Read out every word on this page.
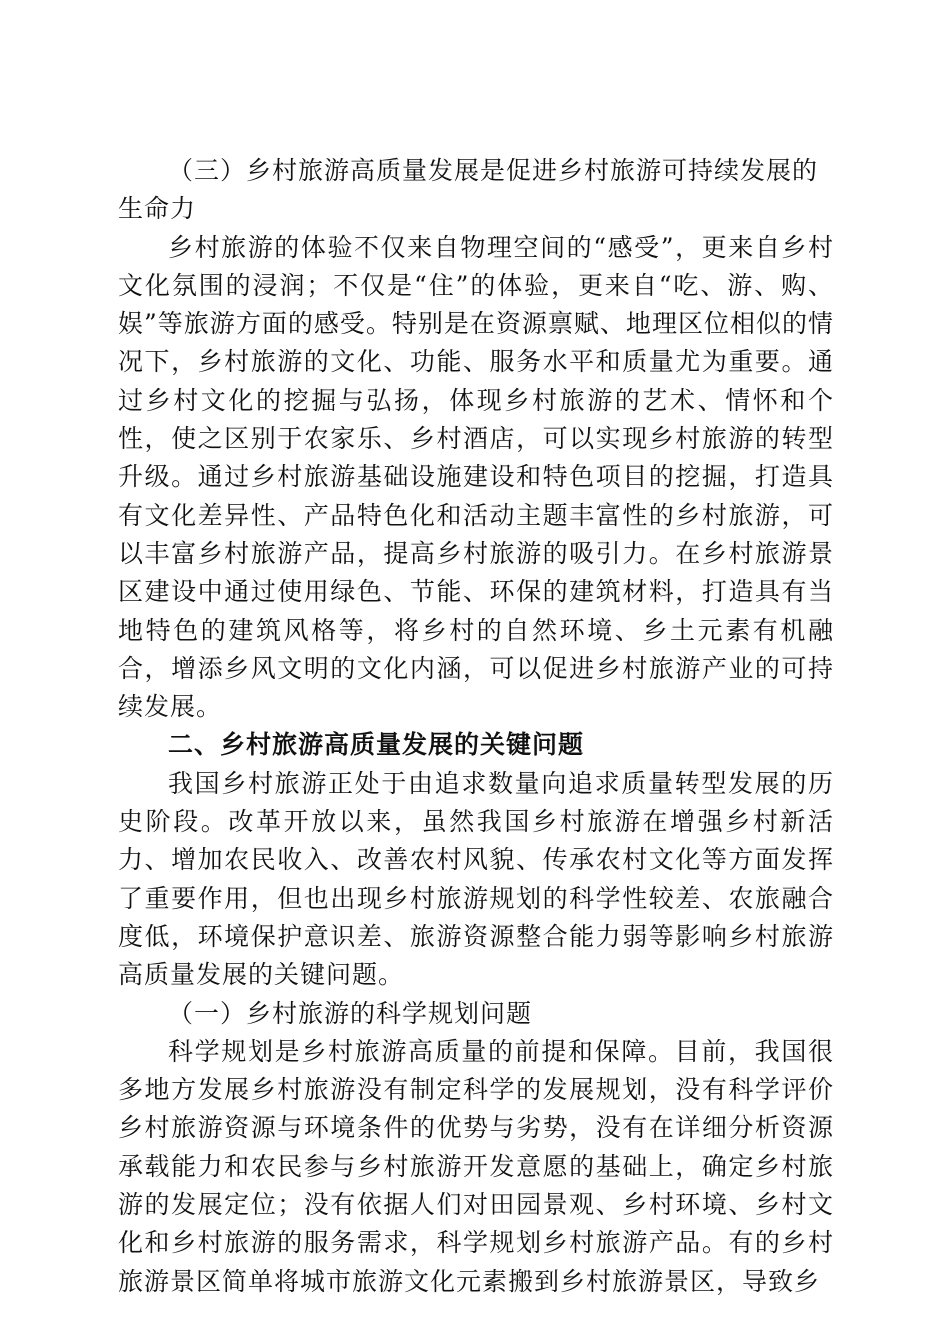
（三）乡村旅游高质量发展是促进乡村旅游可持续发展的生命力

乡村旅游的体验不仅来自物理空间的“感受”，更来自乡村文化氛围的浸润；不仅是“住”的体验，更来自“吃、游、购、娱”等旅游方面的感受。特别是在资源禀赋、地理区位相似的情况下，乡村旅游的文化、功能、服务水平和质量尤为重要。通过乡村文化的挖掘与弘扬，体现乡村旅游的艺术、情怀和个性，使之区别于农家乐、乡村酒店，可以实现乡村旅游的转型升级。通过乡村旅游基础设施建设和特色项目的挖掘，打造具有文化差异性、产品特色化和活动主题丰富性的乡村旅游，可以丰富乡村旅游产品，提高乡村旅游的吸引力。在乡村旅游景区建设中通过使用绿色、节能、环保的建筑材料，打造具有当地特色的建筑风格等，将乡村的自然环境、乡土元素有机融合，增添乡风文明的文化内涵，可以促进乡村旅游产业的可持续发展。

二、乡村旅游高质量发展的关键问题

我国乡村旅游正处于由追求数量向追求质量转型发展的历史阶段。改革开放以来，虽然我国乡村旅游在增强乡村新活力、增加农民收入、改善农村风貌、传承农村文化等方面发挥了重要作用，但也出现乡村旅游规划的科学性较差、农旅融合度低，环境保护意识差、旅游资源整合能力弱等影响乡村旅游高质量发展的关键问题。

（一）乡村旅游的科学规划问题

科学规划是乡村旅游高质量的前提和保障。目前，我国很多地方发展乡村旅游没有制定科学的发展规划，没有科学评价乡村旅游资源与环境条件的优势与劣势，没有在详细分析资源承载能力和农民参与乡村旅游开发意愿的基础上，确定乡村旅游的发展定位；没有依据人们对田园景观、乡村环境、乡村文化和乡村旅游的服务需求，科学规划乡村旅游产品。有的乡村旅游景区简单将城市旅游文化元素搬到乡村旅游景区，导致乡
